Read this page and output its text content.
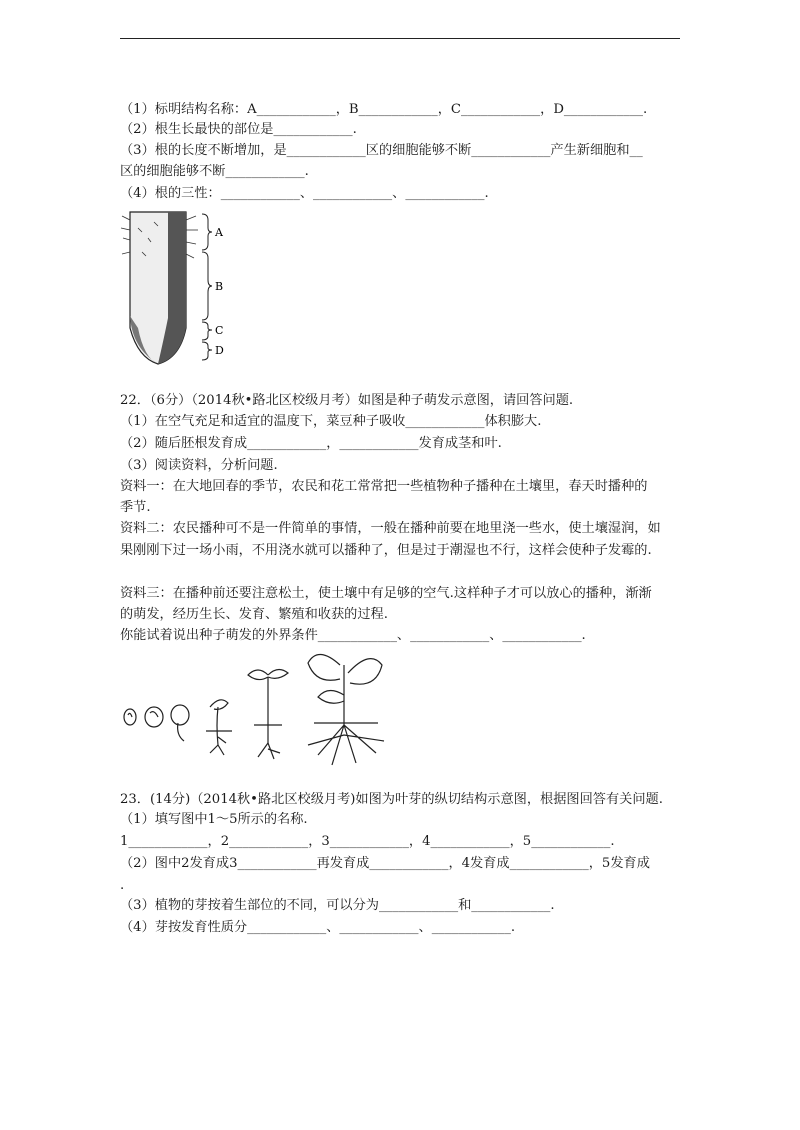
（1）标明结构名称：A____________，B____________，C____________，D____________.
（2）根生长最快的部位是____________.
（3）根的长度不断增加，是____________区的细胞能够不断____________产生新细胞和__
区的细胞能够不断____________.
（4）根的三性：____________、____________、____________.
A
B
C
D
22．（6分）（2014秋•路北区校级月考）如图是种子萌发示意图，请回答问题.
（1）在空气充足和适宜的温度下，菜豆种子吸收____________体积膨大.
（2）随后胚根发育成____________，____________发育成茎和叶.
（3）阅读资料，分析问题.
资料一：在大地回春的季节，农民和花工常常把一些植物种子播种在土壤里，春天时播种的
季节.
资料二：农民播种可不是一件简单的事情，一般在播种前要在地里浇一些水，使土壤湿润，如
果刚刚下过一场小雨，不用浇水就可以播种了，但是过于潮湿也不行，这样会使种子发霉的.
资料三：在播种前还要注意松土，使土壤中有足够的空气.这样种子才可以放心的播种，渐渐
的萌发，经历生长、发育、繁殖和收获的过程.
你能试着说出种子萌发的外界条件____________、____________、____________.
23．(14分)（2014秋•路北区校级月考)如图为叶芽的纵切结构示意图，根据图回答有关问题.
（1）填写图中1～5所示的名称.
1____________，2____________，3____________，4____________，5____________.
（2）图中2发育成3____________再发育成____________，4发育成____________，5发育成
.
（3）植物的芽按着生部位的不同，可以分为____________和____________.
（4）芽按发育性质分____________、____________、____________.
